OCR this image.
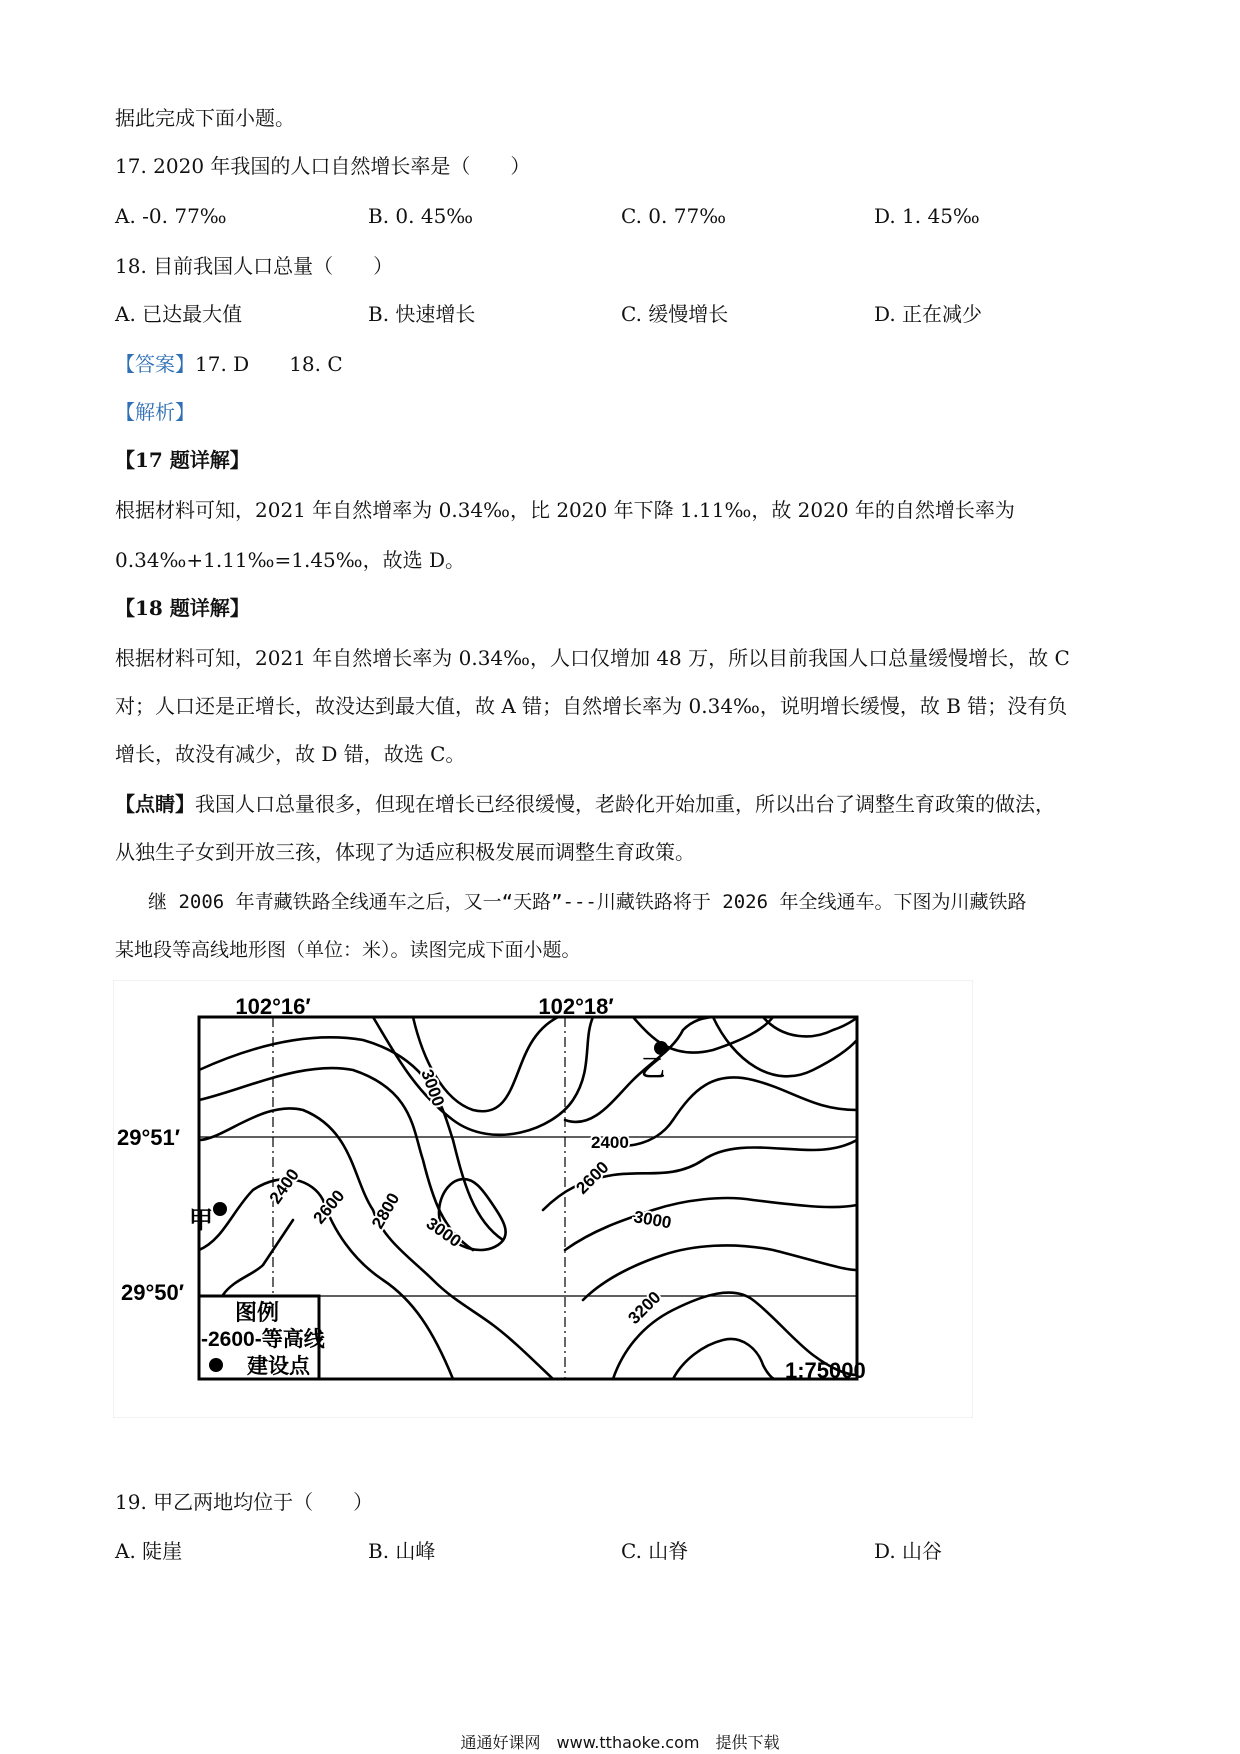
据此完成下面小题。
17. 2020 年我国的人口自然增长率是（　　）
A. -0. 77‰	B. 0. 45‰	C. 0. 77‰	D. 1. 45‰
18. 目前我国人口总量（　　）
A. 已达最大值	B. 快速增长	C. 缓慢增长	D. 正在减少
【答案】17. D　　18. C
【解析】
【17 题详解】
根据材料可知，2021 年自然增率为 0.34‰，比 2020 年下降 1.11‰，故 2020 年的自然增长率为
0.34‰+1.11‰=1.45‰，故选 D。
【18 题详解】
根据材料可知，2021 年自然增长率为 0.34‰，人口仅增加 48 万，所以目前我国人口总量缓慢增长，故 C
对；人口还是正增长，故没达到最大值，故 A 错；自然增长率为 0.34‰，说明增长缓慢，故 B 错；没有负
增长，故没有减少，故 D 错，故选 C。
【点睛】我国人口总量很多，但现在增长已经很缓慢，老龄化开始加重，所以出台了调整生育政策的做法，
从独生子女到开放三孩，体现了为适应积极发展而调整生育政策。
继 2006 年青藏铁路全线通车之后，又一“天路”---川藏铁路将于 2026 年全线通车。下图为川藏铁路
某地段等高线地形图（单位：米）。读图完成下面小题。
102°16′	102°18′
29°51′
29°50′
3000
2400
2600
2400 2600 2800
3000	3000
3200
乙
甲
图例
-2600-等高线
建设点	1:75000
19. 甲乙两地均位于（　　）
A. 陡崖	B. 山峰	C. 山脊	D. 山谷
通通好课网　www.tthaoke.com　提供下载
